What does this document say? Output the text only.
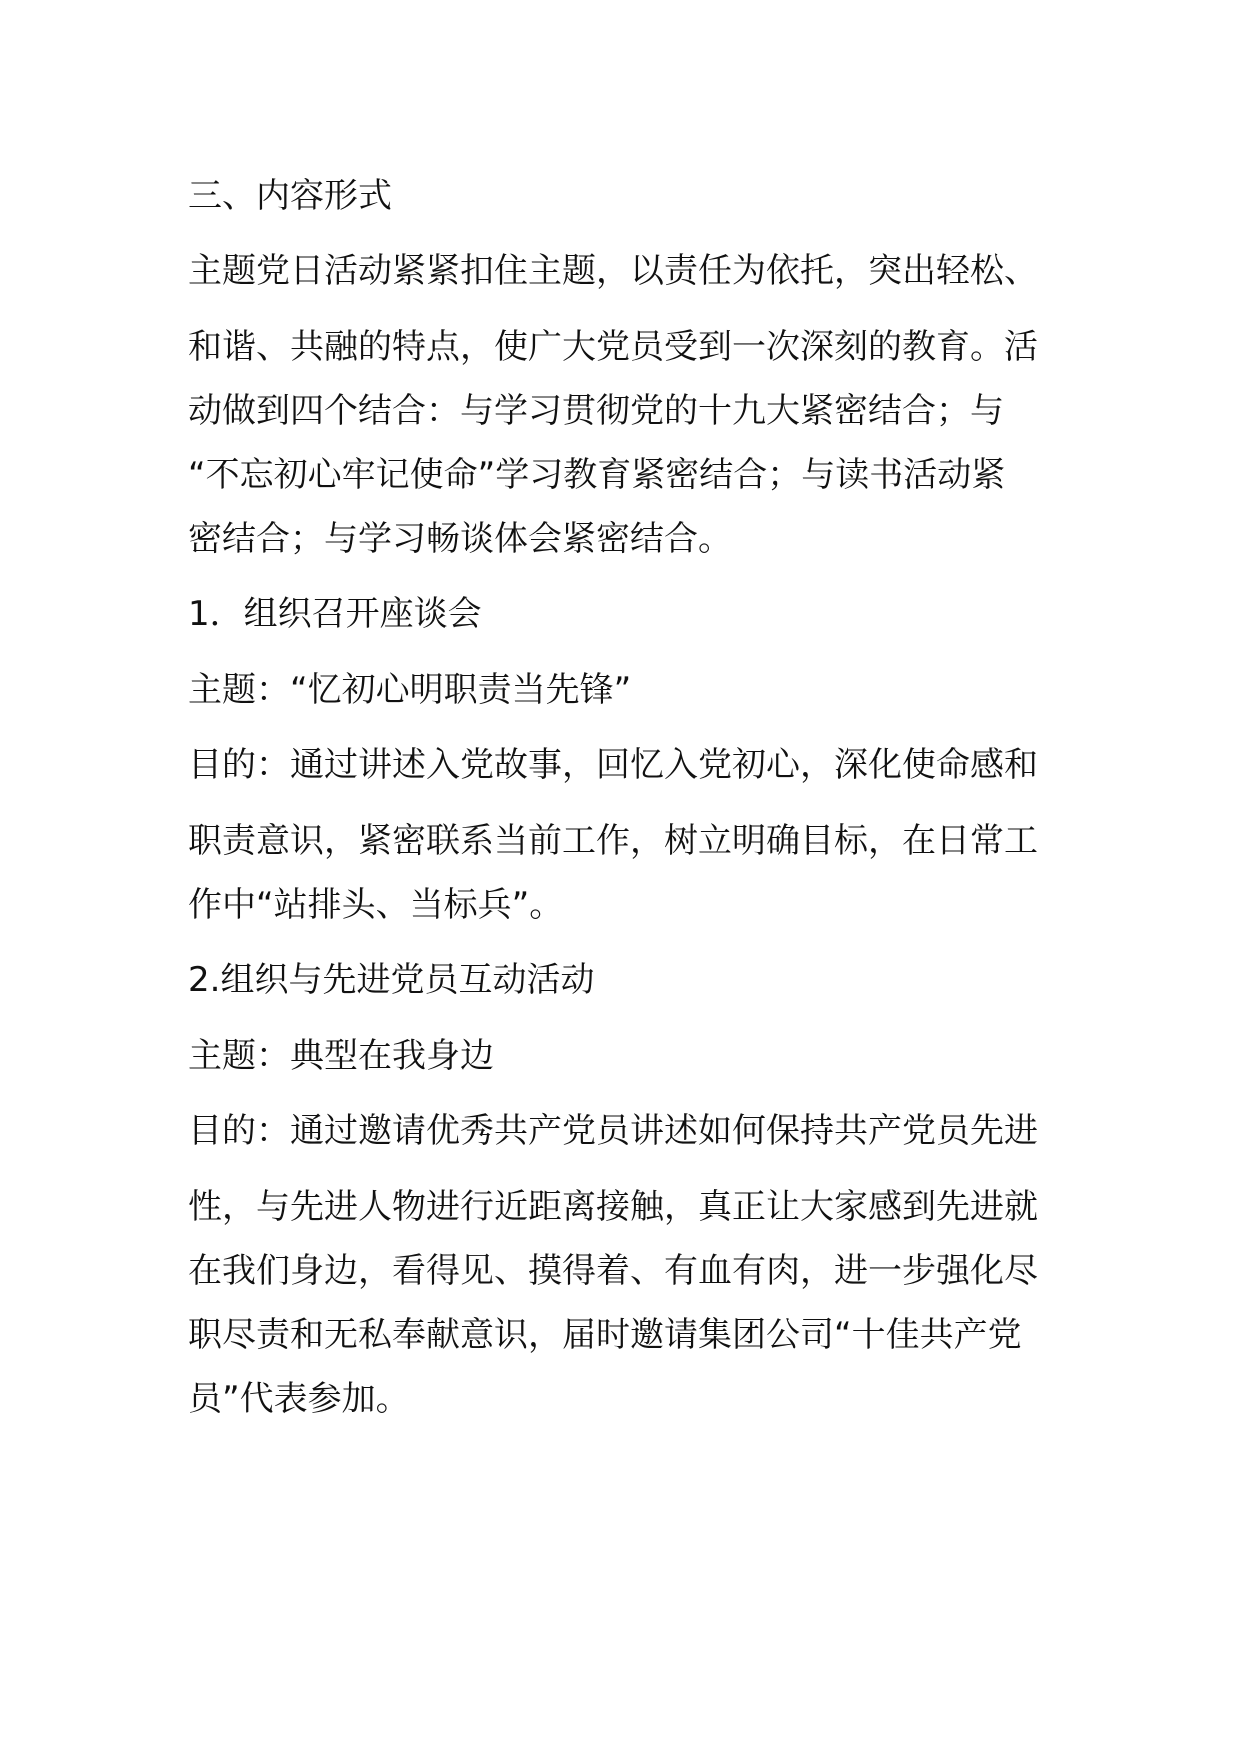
三、内容形式
主题党日活动紧紧扣住主题，以责任为依托，突出轻松、
和谐、共融的特点，使广大党员受到一次深刻的教育。活
动做到四个结合：与学习贯彻党的十九大紧密结合；与
“不忘初心牢记使命”学习教育紧密结合；与读书活动紧
密结合；与学习畅谈体会紧密结合。
1．组织召开座谈会
主题：“忆初心明职责当先锋”
目的：通过讲述入党故事，回忆入党初心，深化使命感和
职责意识，紧密联系当前工作，树立明确目标，在日常工
作中“站排头、当标兵”。
2.组织与先进党员互动活动
主题：典型在我身边
目的：通过邀请优秀共产党员讲述如何保持共产党员先进
性，与先进人物进行近距离接触，真正让大家感到先进就
在我们身边，看得见、摸得着、有血有肉，进一步强化尽
职尽责和无私奉献意识，届时邀请集团公司“十佳共产党
员”代表参加。
